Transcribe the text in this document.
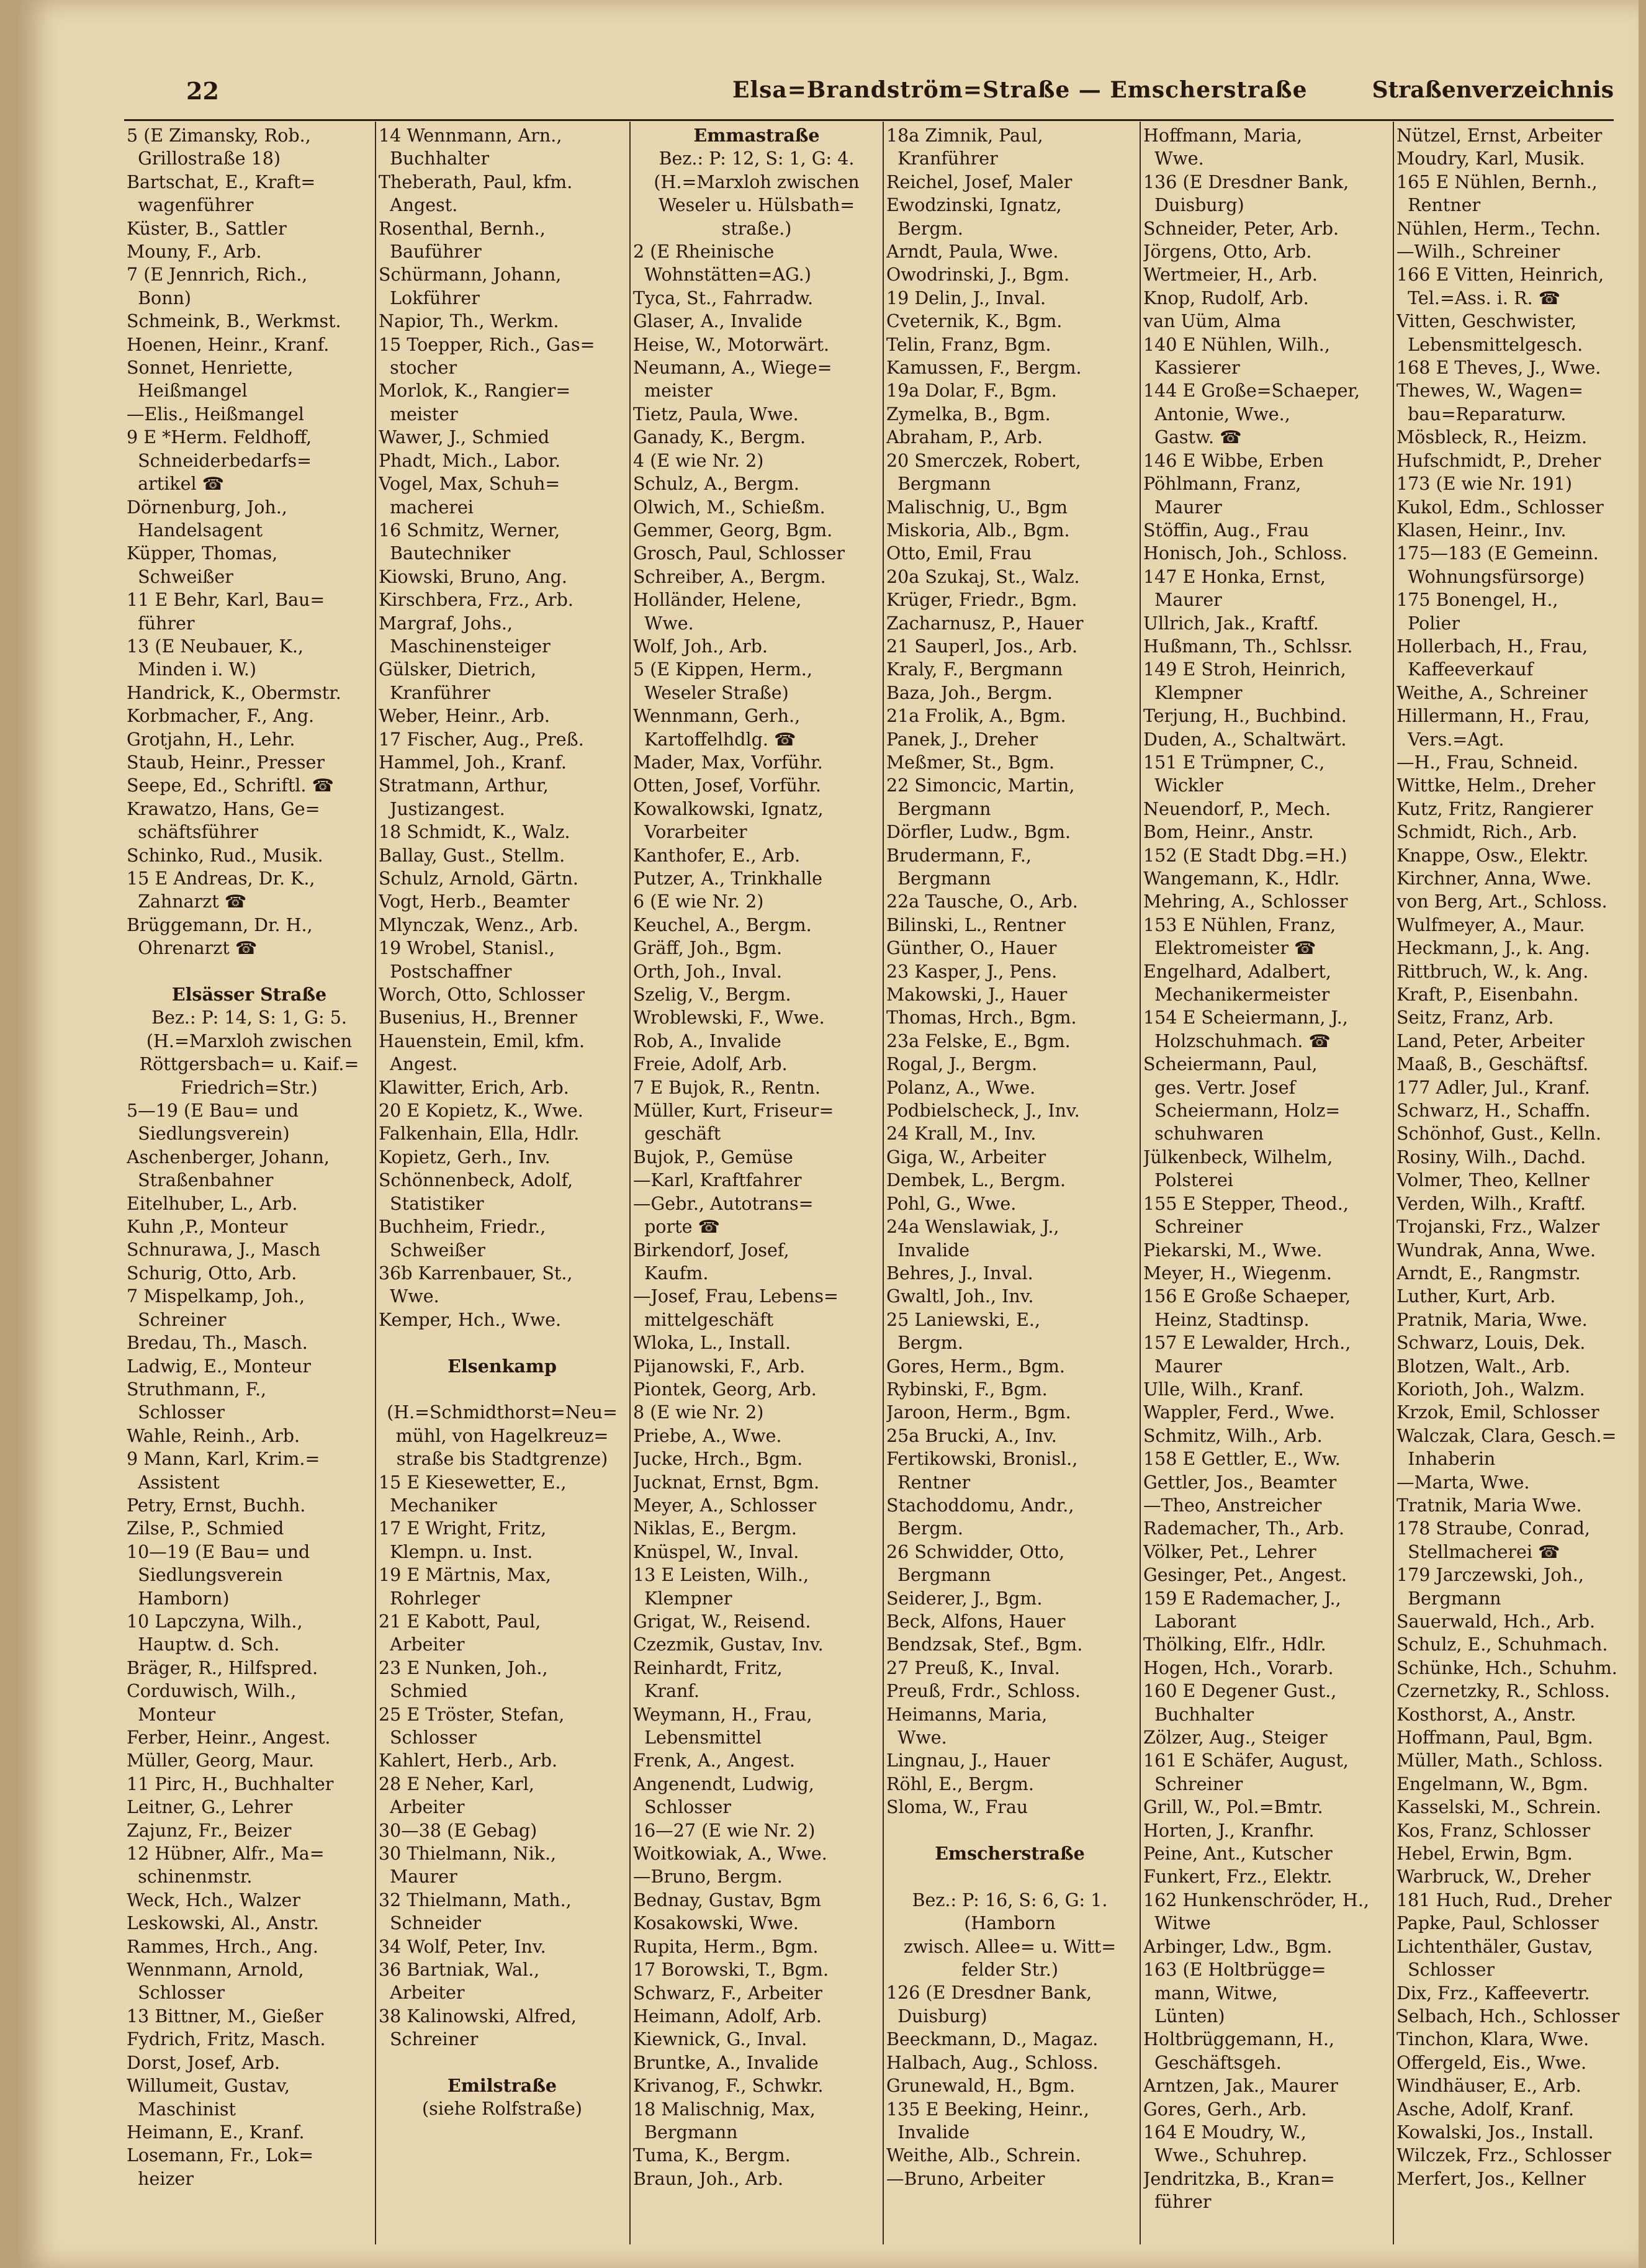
22	Elsa=Brandström=Straße — Emscherstraße	Straßenverzeichnis
5 (E Zimansky, Rob.,
Grillostraße 18)
Bartschat, E., Kraft=
wagenführer
Küster, B., Sattler
Mouny, F., Arb.
7 (E Jennrich, Rich.,
Bonn)
Schmeink, B., Werkmst.
Hoenen, Heinr., Kranf.
Sonnet, Henriette,
Heißmangel
—Elis., Heißmangel
9 E *Herm. Feldhoff,
Schneiderbedarfs=
artikel ☎
Dörnenburg, Joh.,
Handelsagent
Küpper, Thomas,
Schweißer
11 E Behr, Karl, Bau=
führer
13 (E Neubauer, K.,
Minden i. W.)
Handrick, K., Obermstr.
Korbmacher, F., Ang.
Grotjahn, H., Lehr.
Staub, Heinr., Presser
Seepe, Ed., Schriftl. ☎
Krawatzo, Hans, Ge=
schäftsführer
Schinko, Rud., Musik.
15 E Andreas, Dr. K.,
Zahnarzt ☎
Brüggemann, Dr. H.,
Ohrenarzt ☎
Elsässer Straße
Bez.: P: 14, S: 1, G: 5.
(H.=Marxloh zwischen
Röttgersbach= u. Kaif.=
Friedrich=Str.)
5—19 (E Bau= und
Siedlungsverein)
Aschenberger, Johann,
Straßenbahner
Eitelhuber, L., Arb.
Kuhn ,P., Monteur
Schnurawa, J., Masch
Schurig, Otto, Arb.
7 Mispelkamp, Joh.,
Schreiner
Bredau, Th., Masch.
Ladwig, E., Monteur
Struthmann, F.,
Schlosser
Wahle, Reinh., Arb.
9 Mann, Karl, Krim.=
Assistent
Petry, Ernst, Buchh.
Zilse, P., Schmied
10—19 (E Bau= und
Siedlungsverein
Hamborn)
10 Lapczyna, Wilh.,
Hauptw. d. Sch.
Bräger, R., Hilfspred.
Corduwisch, Wilh.,
Monteur
Ferber, Heinr., Angest.
Müller, Georg, Maur.
11 Pirc, H., Buchhalter
Leitner, G., Lehrer
Zajunz, Fr., Beizer
12 Hübner, Alfr., Ma=
schinenmstr.
Weck, Hch., Walzer
Leskowski, Al., Anstr.
Rammes, Hrch., Ang.
Wennmann, Arnold,
Schlosser
13 Bittner, M., Gießer
Fydrich, Fritz, Masch.
Dorst, Josef, Arb.
Willumeit, Gustav,
Maschinist
Heimann, E., Kranf.
Losemann, Fr., Lok=
heizer
14 Wennmann, Arn.,
Buchhalter
Theberath, Paul, kfm.
Angest.
Rosenthal, Bernh.,
Bauführer
Schürmann, Johann,
Lokführer
Napior, Th., Werkm.
15 Toepper, Rich., Gas=
stocher
Morlok, K., Rangier=
meister
Wawer, J., Schmied
Phadt, Mich., Labor.
Vogel, Max, Schuh=
macherei
16 Schmitz, Werner,
Bautechniker
Kiowski, Bruno, Ang.
Kirschbera, Frz., Arb.
Margraf, Johs.,
Maschinensteiger
Gülsker, Dietrich,
Kranführer
Weber, Heinr., Arb.
17 Fischer, Aug., Preß.
Hammel, Joh., Kranf.
Stratmann, Arthur,
Justizangest.
18 Schmidt, K., Walz.
Ballay, Gust., Stellm.
Schulz, Arnold, Gärtn.
Vogt, Herb., Beamter
Mlynczak, Wenz., Arb.
19 Wrobel, Stanisl.,
Postschaffner
Worch, Otto, Schlosser
Busenius, H., Brenner
Hauenstein, Emil, kfm.
Angest.
Klawitter, Erich, Arb.
20 E Kopietz, K., Wwe.
Falkenhain, Ella, Hdlr.
Kopietz, Gerh., Inv.
Schönnenbeck, Adolf,
Statistiker
Buchheim, Friedr.,
Schweißer
36b Karrenbauer, St.,
Wwe.
Kemper, Hch., Wwe.
Elsenkamp
(H.=Schmidthorst=Neu=
mühl, von Hagelkreuz=
straße bis Stadtgrenze)
15 E Kiesewetter, E.,
Mechaniker
17 E Wright, Fritz,
Klempn. u. Inst.
19 E Märtnis, Max,
Rohrleger
21 E Kabott, Paul,
Arbeiter
23 E Nunken, Joh.,
Schmied
25 E Tröster, Stefan,
Schlosser
Kahlert, Herb., Arb.
28 E Neher, Karl,
Arbeiter
30—38 (E Gebag)
30 Thielmann, Nik.,
Maurer
32 Thielmann, Math.,
Schneider
34 Wolf, Peter, Inv.
36 Bartniak, Wal.,
Arbeiter
38 Kalinowski, Alfred,
Schreiner
Emilstraße
(siehe Rolfstraße)
Emmastraße
Bez.: P: 12, S: 1, G: 4.
(H.=Marxloh zwischen
Weseler u. Hülsbath=
straße.)
2 (E Rheinische
Wohnstätten=AG.)
Tyca, St., Fahrradw.
Glaser, A., Invalide
Heise, W., Motorwärt.
Neumann, A., Wiege=
meister
Tietz, Paula, Wwe.
Ganady, K., Bergm.
4 (E wie Nr. 2)
Schulz, A., Bergm.
Olwich, M., Schießm.
Gemmer, Georg, Bgm.
Grosch, Paul, Schlosser
Schreiber, A., Bergm.
Holländer, Helene,
Wwe.
Wolf, Joh., Arb.
5 (E Kippen, Herm.,
Weseler Straße)
Wennmann, Gerh.,
Kartoffelhdlg. ☎
Mader, Max, Vorführ.
Otten, Josef, Vorführ.
Kowalkowski, Ignatz,
Vorarbeiter
Kanthofer, E., Arb.
Putzer, A., Trinkhalle
6 (E wie Nr. 2)
Keuchel, A., Bergm.
Gräff, Joh., Bgm.
Orth, Joh., Inval.
Szelig, V., Bergm.
Wroblewski, F., Wwe.
Rob, A., Invalide
Freie, Adolf, Arb.
7 E Bujok, R., Rentn.
Müller, Kurt, Friseur=
geschäft
Bujok, P., Gemüse
—Karl, Kraftfahrer
—Gebr., Autotrans=
porte ☎
Birkendorf, Josef,
Kaufm.
—Josef, Frau, Lebens=
mittelgeschäft
Wloka, L., Install.
Pijanowski, F., Arb.
Piontek, Georg, Arb.
8 (E wie Nr. 2)
Priebe, A., Wwe.
Jucke, Hrch., Bgm.
Jucknat, Ernst, Bgm.
Meyer, A., Schlosser
Niklas, E., Bergm.
Knüspel, W., Inval.
13 E Leisten, Wilh.,
Klempner
Grigat, W., Reisend.
Czezmik, Gustav, Inv.
Reinhardt, Fritz,
Kranf.
Weymann, H., Frau,
Lebensmittel
Frenk, A., Angest.
Angenendt, Ludwig,
Schlosser
16—27 (E wie Nr. 2)
Woitkowiak, A., Wwe.
—Bruno, Bergm.
Bednay, Gustav, Bgm
Kosakowski, Wwe.
Rupita, Herm., Bgm.
17 Borowski, T., Bgm.
Schwarz, F., Arbeiter
Heimann, Adolf, Arb.
Kiewnick, G., Inval.
Bruntke, A., Invalide
Krivanog, F., Schwkr.
18 Malischnig, Max,
Bergmann
Tuma, K., Bergm.
Braun, Joh., Arb.
18a Zimnik, Paul,
Kranführer
Reichel, Josef, Maler
Ewodzinski, Ignatz,
Bergm.
Arndt, Paula, Wwe.
Owodrinski, J., Bgm.
19 Delin, J., Inval.
Cveternik, K., Bgm.
Telin, Franz, Bgm.
Kamussen, F., Bergm.
19a Dolar, F., Bgm.
Zymelka, B., Bgm.
Abraham, P., Arb.
20 Smerczek, Robert,
Bergmann
Malischnig, U., Bgm
Miskoria, Alb., Bgm.
Otto, Emil, Frau
20a Szukaj, St., Walz.
Krüger, Friedr., Bgm.
Zacharnusz, P., Hauer
21 Sauperl, Jos., Arb.
Kraly, F., Bergmann
Baza, Joh., Bergm.
21a Frolik, A., Bgm.
Panek, J., Dreher
Meßmer, St., Bgm.
22 Simoncic, Martin,
Bergmann
Dörfler, Ludw., Bgm.
Brudermann, F.,
Bergmann
22a Tausche, O., Arb.
Bilinski, L., Rentner
Günther, O., Hauer
23 Kasper, J., Pens.
Makowski, J., Hauer
Thomas, Hrch., Bgm.
23a Felske, E., Bgm.
Rogal, J., Bergm.
Polanz, A., Wwe.
Podbielscheck, J., Inv.
24 Krall, M., Inv.
Giga, W., Arbeiter
Dembek, L., Bergm.
Pohl, G., Wwe.
24a Wenslawiak, J.,
Invalide
Behres, J., Inval.
Gwaltl, Joh., Inv.
25 Laniewski, E.,
Bergm.
Gores, Herm., Bgm.
Rybinski, F., Bgm.
Jaroon, Herm., Bgm.
25a Brucki, A., Inv.
Fertikowski, Bronisl.,
Rentner
Stachoddomu, Andr.,
Bergm.
26 Schwidder, Otto,
Bergmann
Seiderer, J., Bgm.
Beck, Alfons, Hauer
Bendzsak, Stef., Bgm.
27 Preuß, K., Inval.
Preuß, Frdr., Schloss.
Heimanns, Maria,
Wwe.
Lingnau, J., Hauer
Röhl, E., Bergm.
Sloma, W., Frau
Emscherstraße
Bez.: P: 16, S: 6, G: 1.
(Hamborn
zwisch. Allee= u. Witt=
felder Str.)
126 (E Dresdner Bank,
Duisburg)
Beeckmann, D., Magaz.
Halbach, Aug., Schloss.
Grunewald, H., Bgm.
135 E Beeking, Heinr.,
Invalide
Weithe, Alb., Schrein.
—Bruno, Arbeiter
Hoffmann, Maria,
Wwe.
136 (E Dresdner Bank,
Duisburg)
Schneider, Peter, Arb.
Jörgens, Otto, Arb.
Wertmeier, H., Arb.
Knop, Rudolf, Arb.
van Uüm, Alma
140 E Nühlen, Wilh.,
Kassierer
144 E Große=Schaeper,
Antonie, Wwe.,
Gastw. ☎
146 E Wibbe, Erben
Pöhlmann, Franz,
Maurer
Stöffin, Aug., Frau
Honisch, Joh., Schloss.
147 E Honka, Ernst,
Maurer
Ullrich, Jak., Kraftf.
Hußmann, Th., Schlssr.
149 E Stroh, Heinrich,
Klempner
Terjung, H., Buchbind.
Duden, A., Schaltwärt.
151 E Trümpner, C.,
Wickler
Neuendorf, P., Mech.
Bom, Heinr., Anstr.
152 (E Stadt Dbg.=H.)
Wangemann, K., Hdlr.
Mehring, A., Schlosser
153 E Nühlen, Franz,
Elektromeister ☎
Engelhard, Adalbert,
Mechanikermeister
154 E Scheiermann, J.,
Holzschuhmach. ☎
Scheiermann, Paul,
ges. Vertr. Josef
Scheiermann, Holz=
schuhwaren
Jülkenbeck, Wilhelm,
Polsterei
155 E Stepper, Theod.,
Schreiner
Piekarski, M., Wwe.
Meyer, H., Wiegenm.
156 E Große Schaeper,
Heinz, Stadtinsp.
157 E Lewalder, Hrch.,
Maurer
Ulle, Wilh., Kranf.
Wappler, Ferd., Wwe.
Schmitz, Wilh., Arb.
158 E Gettler, E., Ww.
Gettler, Jos., Beamter
—Theo, Anstreicher
Rademacher, Th., Arb.
Völker, Pet., Lehrer
Gesinger, Pet., Angest.
159 E Rademacher, J.,
Laborant
Thölking, Elfr., Hdlr.
Hogen, Hch., Vorarb.
160 E Degener Gust.,
Buchhalter
Zölzer, Aug., Steiger
161 E Schäfer, August,
Schreiner
Grill, W., Pol.=Bmtr.
Horten, J., Kranfhr.
Peine, Ant., Kutscher
Funkert, Frz., Elektr.
162 Hunkenschröder, H.,
Witwe
Arbinger, Ldw., Bgm.
163 (E Holtbrügge=
mann, Witwe,
Lünten)
Holtbrüggemann, H.,
Geschäftsgeh.
Arntzen, Jak., Maurer
Gores, Gerh., Arb.
164 E Moudry, W.,
Wwe., Schuhrep.
Jendritzka, B., Kran=
führer
Nützel, Ernst, Arbeiter
Moudry, Karl, Musik.
165 E Nühlen, Bernh.,
Rentner
Nühlen, Herm., Techn.
—Wilh., Schreiner
166 E Vitten, Heinrich,
Tel.=Ass. i. R. ☎
Vitten, Geschwister,
Lebensmittelgesch.
168 E Theves, J., Wwe.
Thewes, W., Wagen=
bau=Reparaturw.
Mösbleck, R., Heizm.
Hufschmidt, P., Dreher
173 (E wie Nr. 191)
Kukol, Edm., Schlosser
Klasen, Heinr., Inv.
175—183 (E Gemeinn.
Wohnungsfürsorge)
175 Bonengel, H.,
Polier
Hollerbach, H., Frau,
Kaffeeverkauf
Weithe, A., Schreiner
Hillermann, H., Frau,
Vers.=Agt.
—H., Frau, Schneid.
Wittke, Helm., Dreher
Kutz, Fritz, Rangierer
Schmidt, Rich., Arb.
Knappe, Osw., Elektr.
Kirchner, Anna, Wwe.
von Berg, Art., Schloss.
Wulfmeyer, A., Maur.
Heckmann, J., k. Ang.
Rittbruch, W., k. Ang.
Kraft, P., Eisenbahn.
Seitz, Franz, Arb.
Land, Peter, Arbeiter
Maaß, B., Geschäftsf.
177 Adler, Jul., Kranf.
Schwarz, H., Schaffn.
Schönhof, Gust., Kelln.
Rosiny, Wilh., Dachd.
Volmer, Theo, Kellner
Verden, Wilh., Kraftf.
Trojanski, Frz., Walzer
Wundrak, Anna, Wwe.
Arndt, E., Rangmstr.
Luther, Kurt, Arb.
Pratnik, Maria, Wwe.
Schwarz, Louis, Dek.
Blotzen, Walt., Arb.
Korioth, Joh., Walzm.
Krzok, Emil, Schlosser
Walczak, Clara, Gesch.=
Inhaberin
—Marta, Wwe.
Tratnik, Maria Wwe.
178 Straube, Conrad,
Stellmacherei ☎
179 Jarczewski, Joh.,
Bergmann
Sauerwald, Hch., Arb.
Schulz, E., Schuhmach.
Schünke, Hch., Schuhm.
Czernetzky, R., Schloss.
Kosthorst, A., Anstr.
Hoffmann, Paul, Bgm.
Müller, Math., Schloss.
Engelmann, W., Bgm.
Kasselski, M., Schrein.
Kos, Franz, Schlosser
Hebel, Erwin, Bgm.
Warbruck, W., Dreher
181 Huch, Rud., Dreher
Papke, Paul, Schlosser
Lichtenthäler, Gustav,
Schlosser
Dix, Frz., Kaffeevertr.
Selbach, Hch., Schlosser
Tinchon, Klara, Wwe.
Offergeld, Eis., Wwe.
Windhäuser, E., Arb.
Asche, Adolf, Kranf.
Kowalski, Jos., Install.
Wilczek, Frz., Schlosser
Merfert, Jos., Kellner
